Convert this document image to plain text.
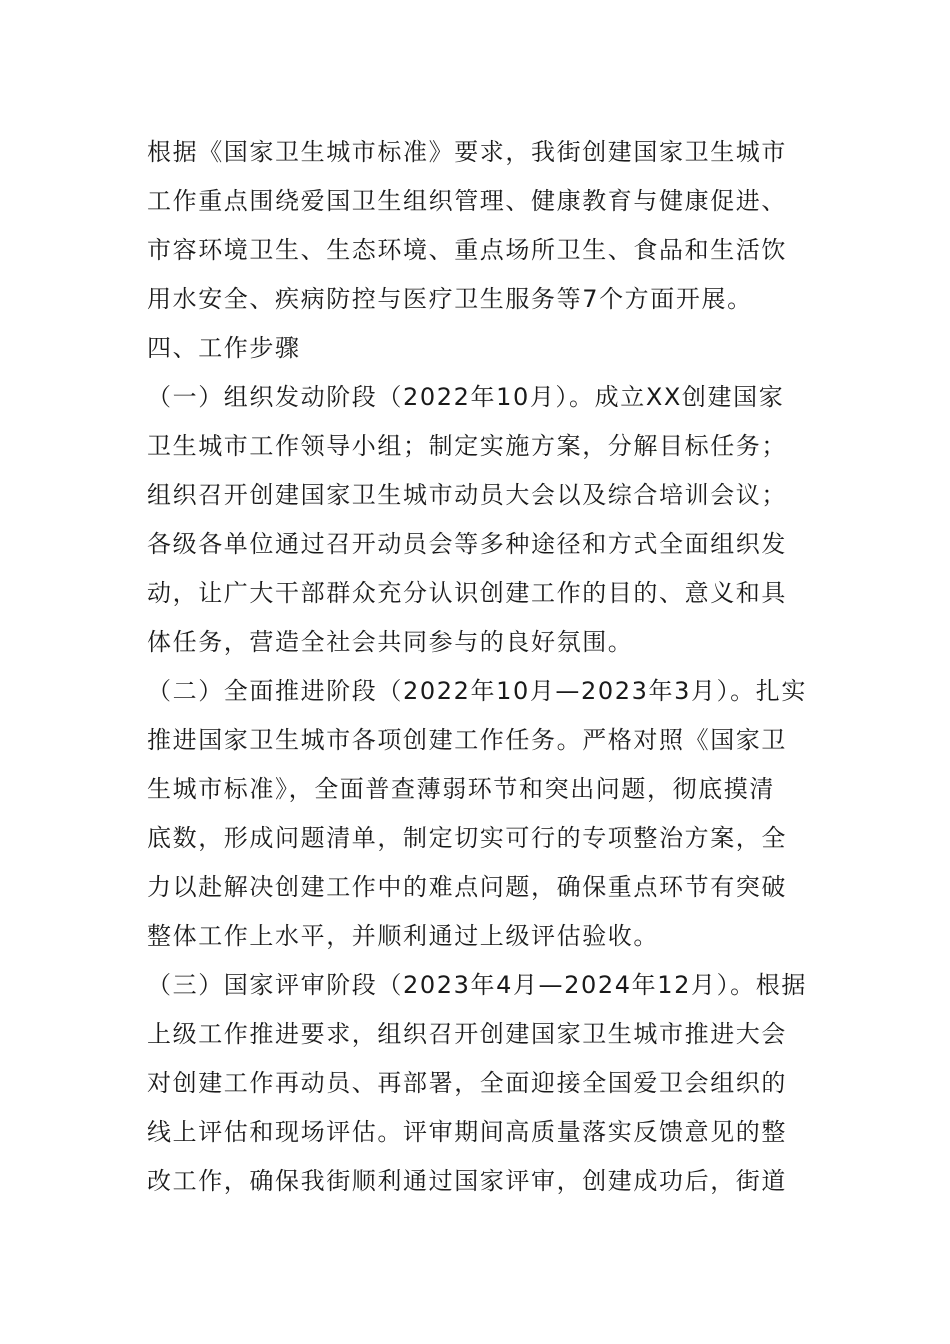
根据《国家卫生城市标准》要求，我街创建国家卫生城市
工作重点围绕爱国卫生组织管理、健康教育与健康促进、
市容环境卫生、生态环境、重点场所卫生、食品和生活饮
用水安全、疾病防控与医疗卫生服务等7个方面开展。
四、工作步骤
（一）组织发动阶段（2022年10月）。成立XX创建国家
卫生城市工作领导小组；制定实施方案，分解目标任务；
组织召开创建国家卫生城市动员大会以及综合培训会议；
各级各单位通过召开动员会等多种途径和方式全面组织发
动，让广大干部群众充分认识创建工作的目的、意义和具
体任务，营造全社会共同参与的良好氛围。
（二）全面推进阶段（2022年10月—2023年3月）。扎实
推进国家卫生城市各项创建工作任务。严格对照《国家卫
生城市标准》，全面普查薄弱环节和突出问题，彻底摸清
底数，形成问题清单，制定切实可行的专项整治方案，全
力以赴解决创建工作中的难点问题，确保重点环节有突破
整体工作上水平，并顺利通过上级评估验收。
（三）国家评审阶段（2023年4月—2024年12月）。根据
上级工作推进要求，组织召开创建国家卫生城市推进大会
对创建工作再动员、再部署，全面迎接全国爱卫会组织的
线上评估和现场评估。评审期间高质量落实反馈意见的整
改工作，确保我街顺利通过国家评审，创建成功后，街道
